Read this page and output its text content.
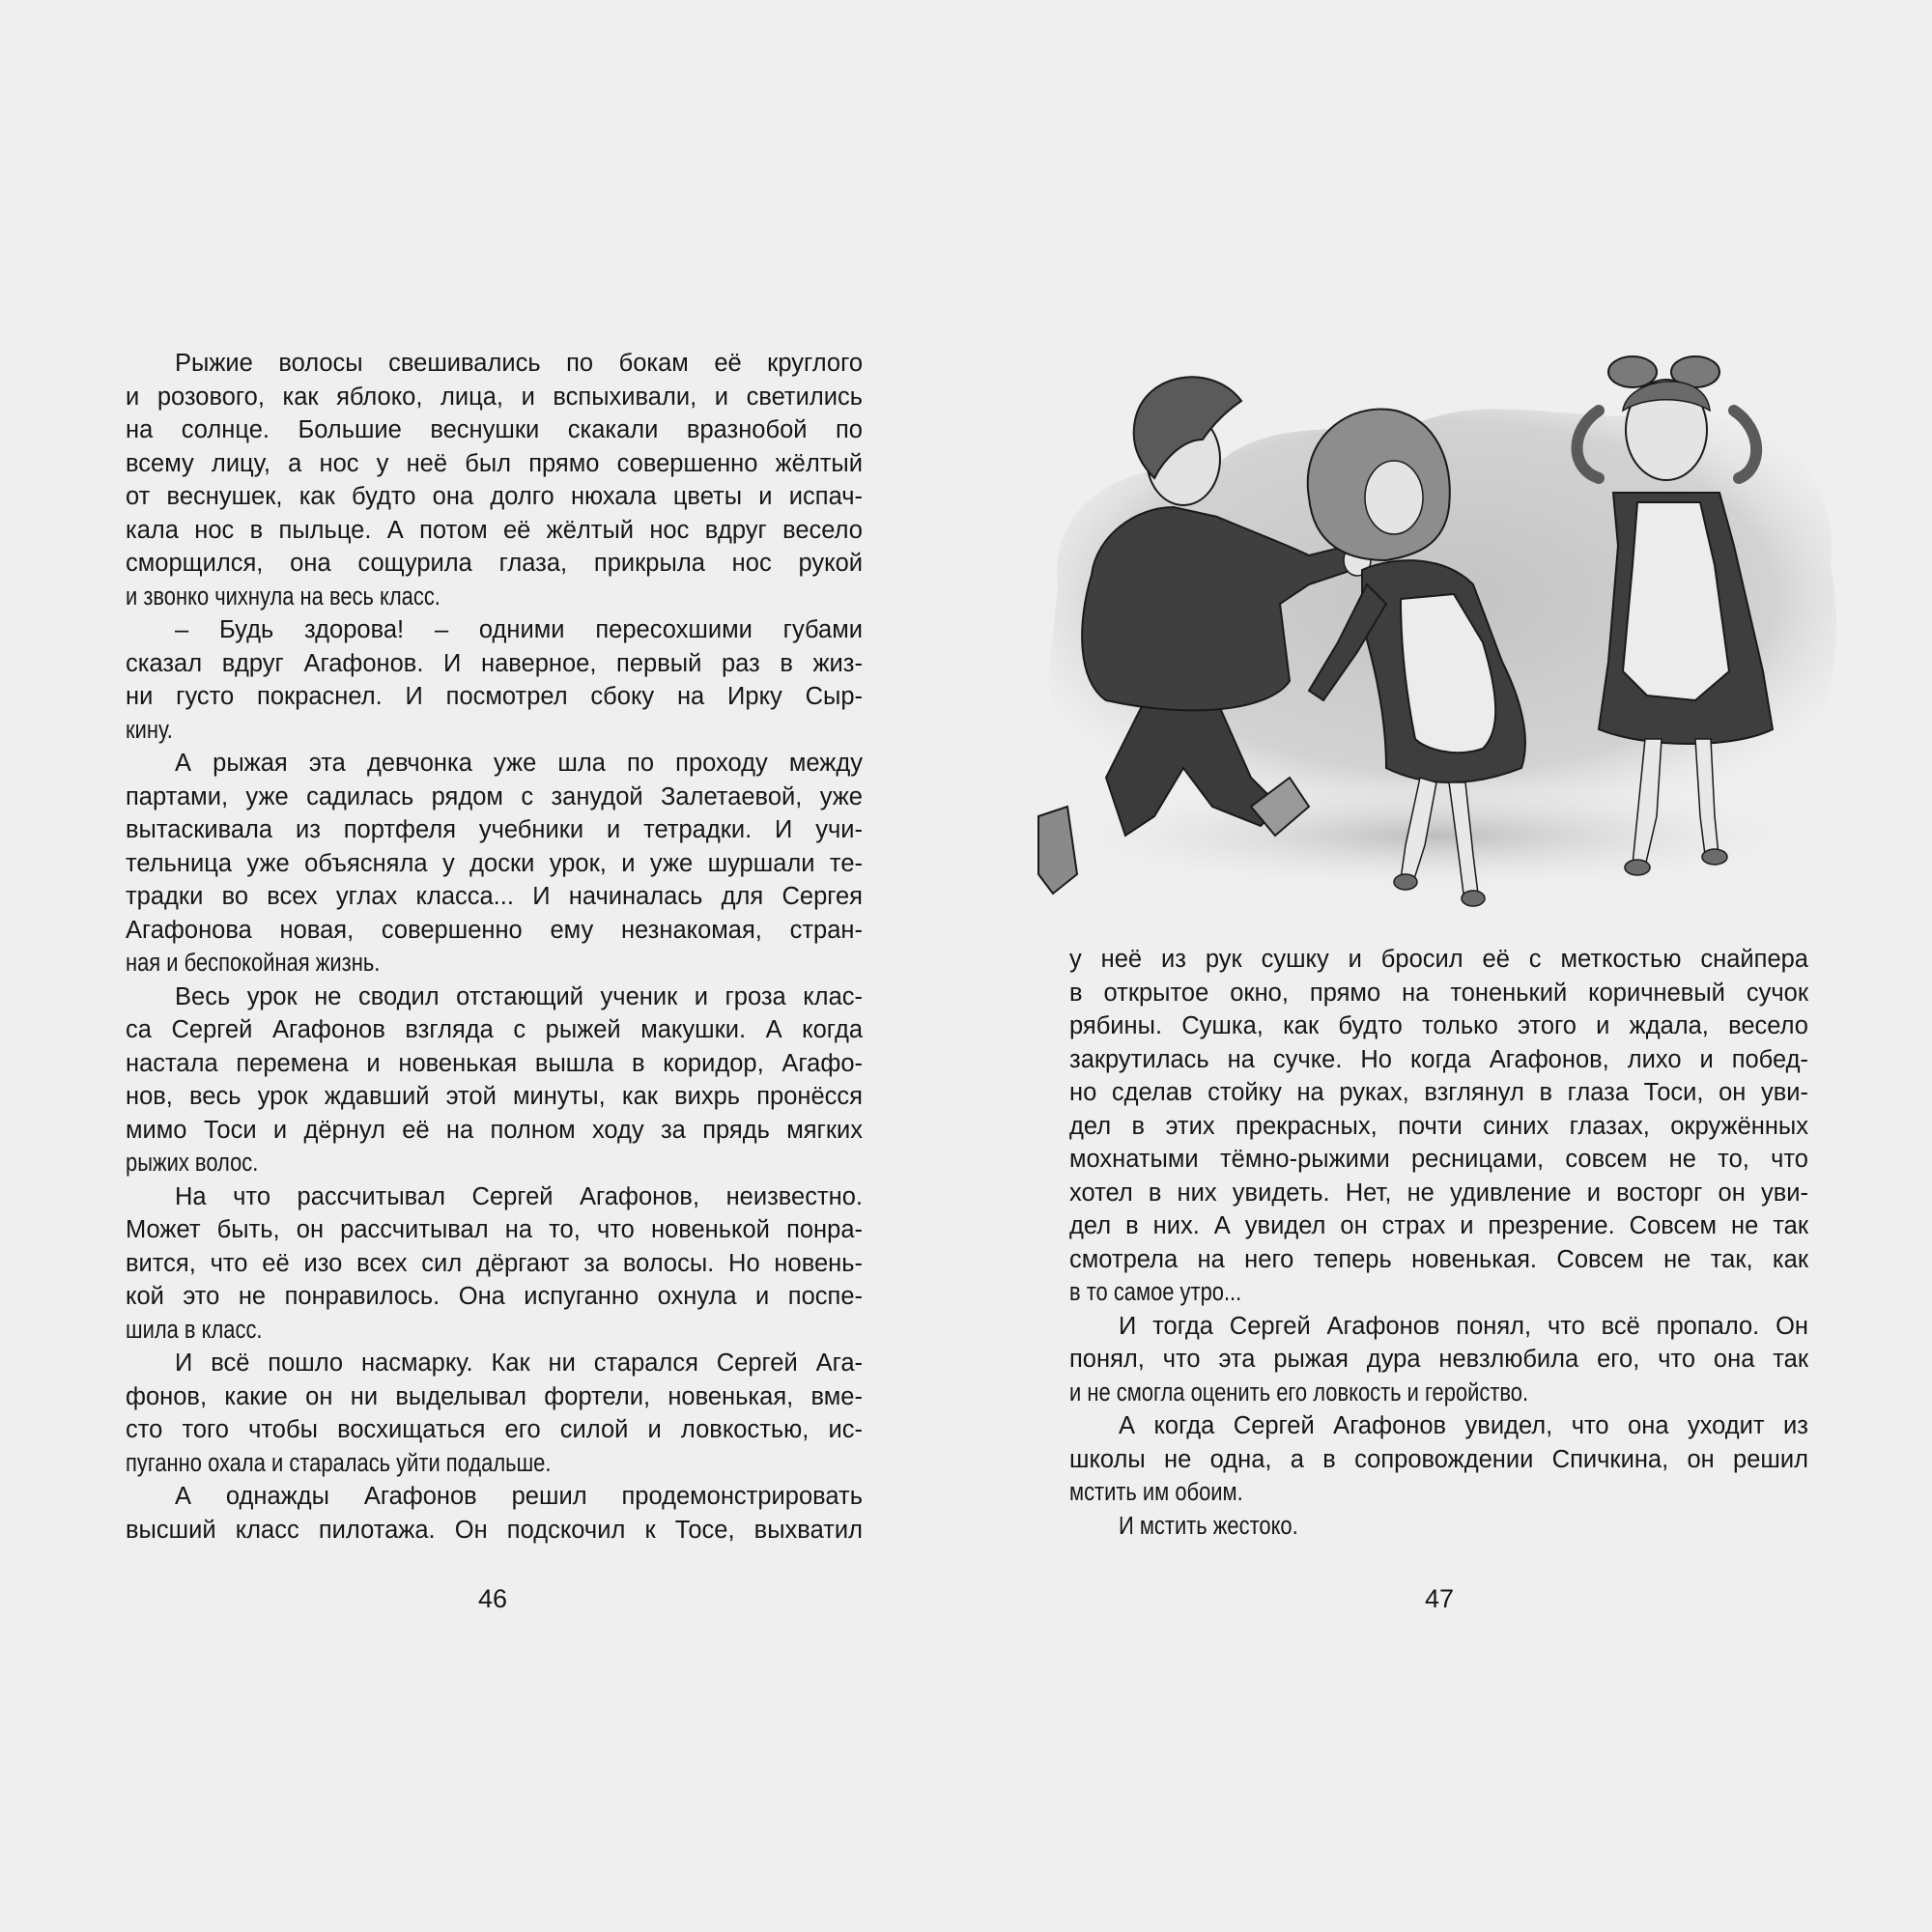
Рыжие волосы свешивались по бокам её круглого
и розового, как яблоко, лица, и вспыхивали, и светились
на солнце. Большие веснушки скакали вразнобой по
всему лицу, а нос у неё был прямо совершенно жёлтый
от веснушек, как будто она долго нюхала цветы и испач-
кала нос в пыльце. А потом её жёлтый нос вдруг весело
сморщился, она сощурила глаза, прикрыла нос рукой
и звонко чихнула на весь класс.
– Будь здорова! – одними пересохшими губами
сказал вдруг Агафонов. И наверное, первый раз в жиз-
ни густо покраснел. И посмотрел сбоку на Ирку Сыр-
кину.
А рыжая эта девчонка уже шла по проходу между
партами, уже садилась рядом с занудой Залетаевой, уже
вытаскивала из портфеля учебники и тетрадки. И учи-
тельница уже объясняла у доски урок, и уже шуршали те-
традки во всех углах класса... И начиналась для Сергея
Агафонова новая, совершенно ему незнакомая, стран-
ная и беспокойная жизнь.
Весь урок не сводил отстающий ученик и гроза клас-
са Сергей Агафонов взгляда с рыжей макушки. А когда
настала перемена и новенькая вышла в коридор, Агафо-
нов, весь урок ждавший этой минуты, как вихрь пронёсся
мимо Тоси и дёрнул её на полном ходу за прядь мягких
рыжих волос.
На что рассчитывал Сергей Агафонов, неизвестно.
Может быть, он рассчитывал на то, что новенькой понра-
вится, что её изо всех сил дёргают за волосы. Но новень-
кой это не понравилось. Она испуганно охнула и поспе-
шила в класс.
И всё пошло насмарку. Как ни старался Сергей Ага-
фонов, какие он ни выделывал фортели, новенькая, вме-
сто того чтобы восхищаться его силой и ловкостью, ис-
пуганно охала и старалась уйти подальше.
А однажды Агафонов решил продемонстрировать
высший класс пилотажа. Он подскочил к Тосе, выхватил
46
у неё из рук сушку и бросил её с меткостью снайпера
в открытое окно, прямо на тоненький коричневый сучок
рябины. Сушка, как будто только этого и ждала, весело
закрутилась на сучке. Но когда Агафонов, лихо и побед-
но сделав стойку на руках, взглянул в глаза Тоси, он уви-
дел в этих прекрасных, почти синих глазах, окружённых
мохнатыми тёмно-рыжими ресницами, совсем не то, что
хотел в них увидеть. Нет, не удивление и восторг он уви-
дел в них. А увидел он страх и презрение. Совсем не так
смотрела на него теперь новенькая. Совсем не так, как
в то самое утро...
И тогда Сергей Агафонов понял, что всё пропало. Он
понял, что эта рыжая дура невзлюбила его, что она так
и не смогла оценить его ловкость и геройство.
А когда Сергей Агафонов увидел, что она уходит из
школы не одна, а в сопровождении Спичкина, он решил
мстить им обоим.
И мстить жестоко.
47
